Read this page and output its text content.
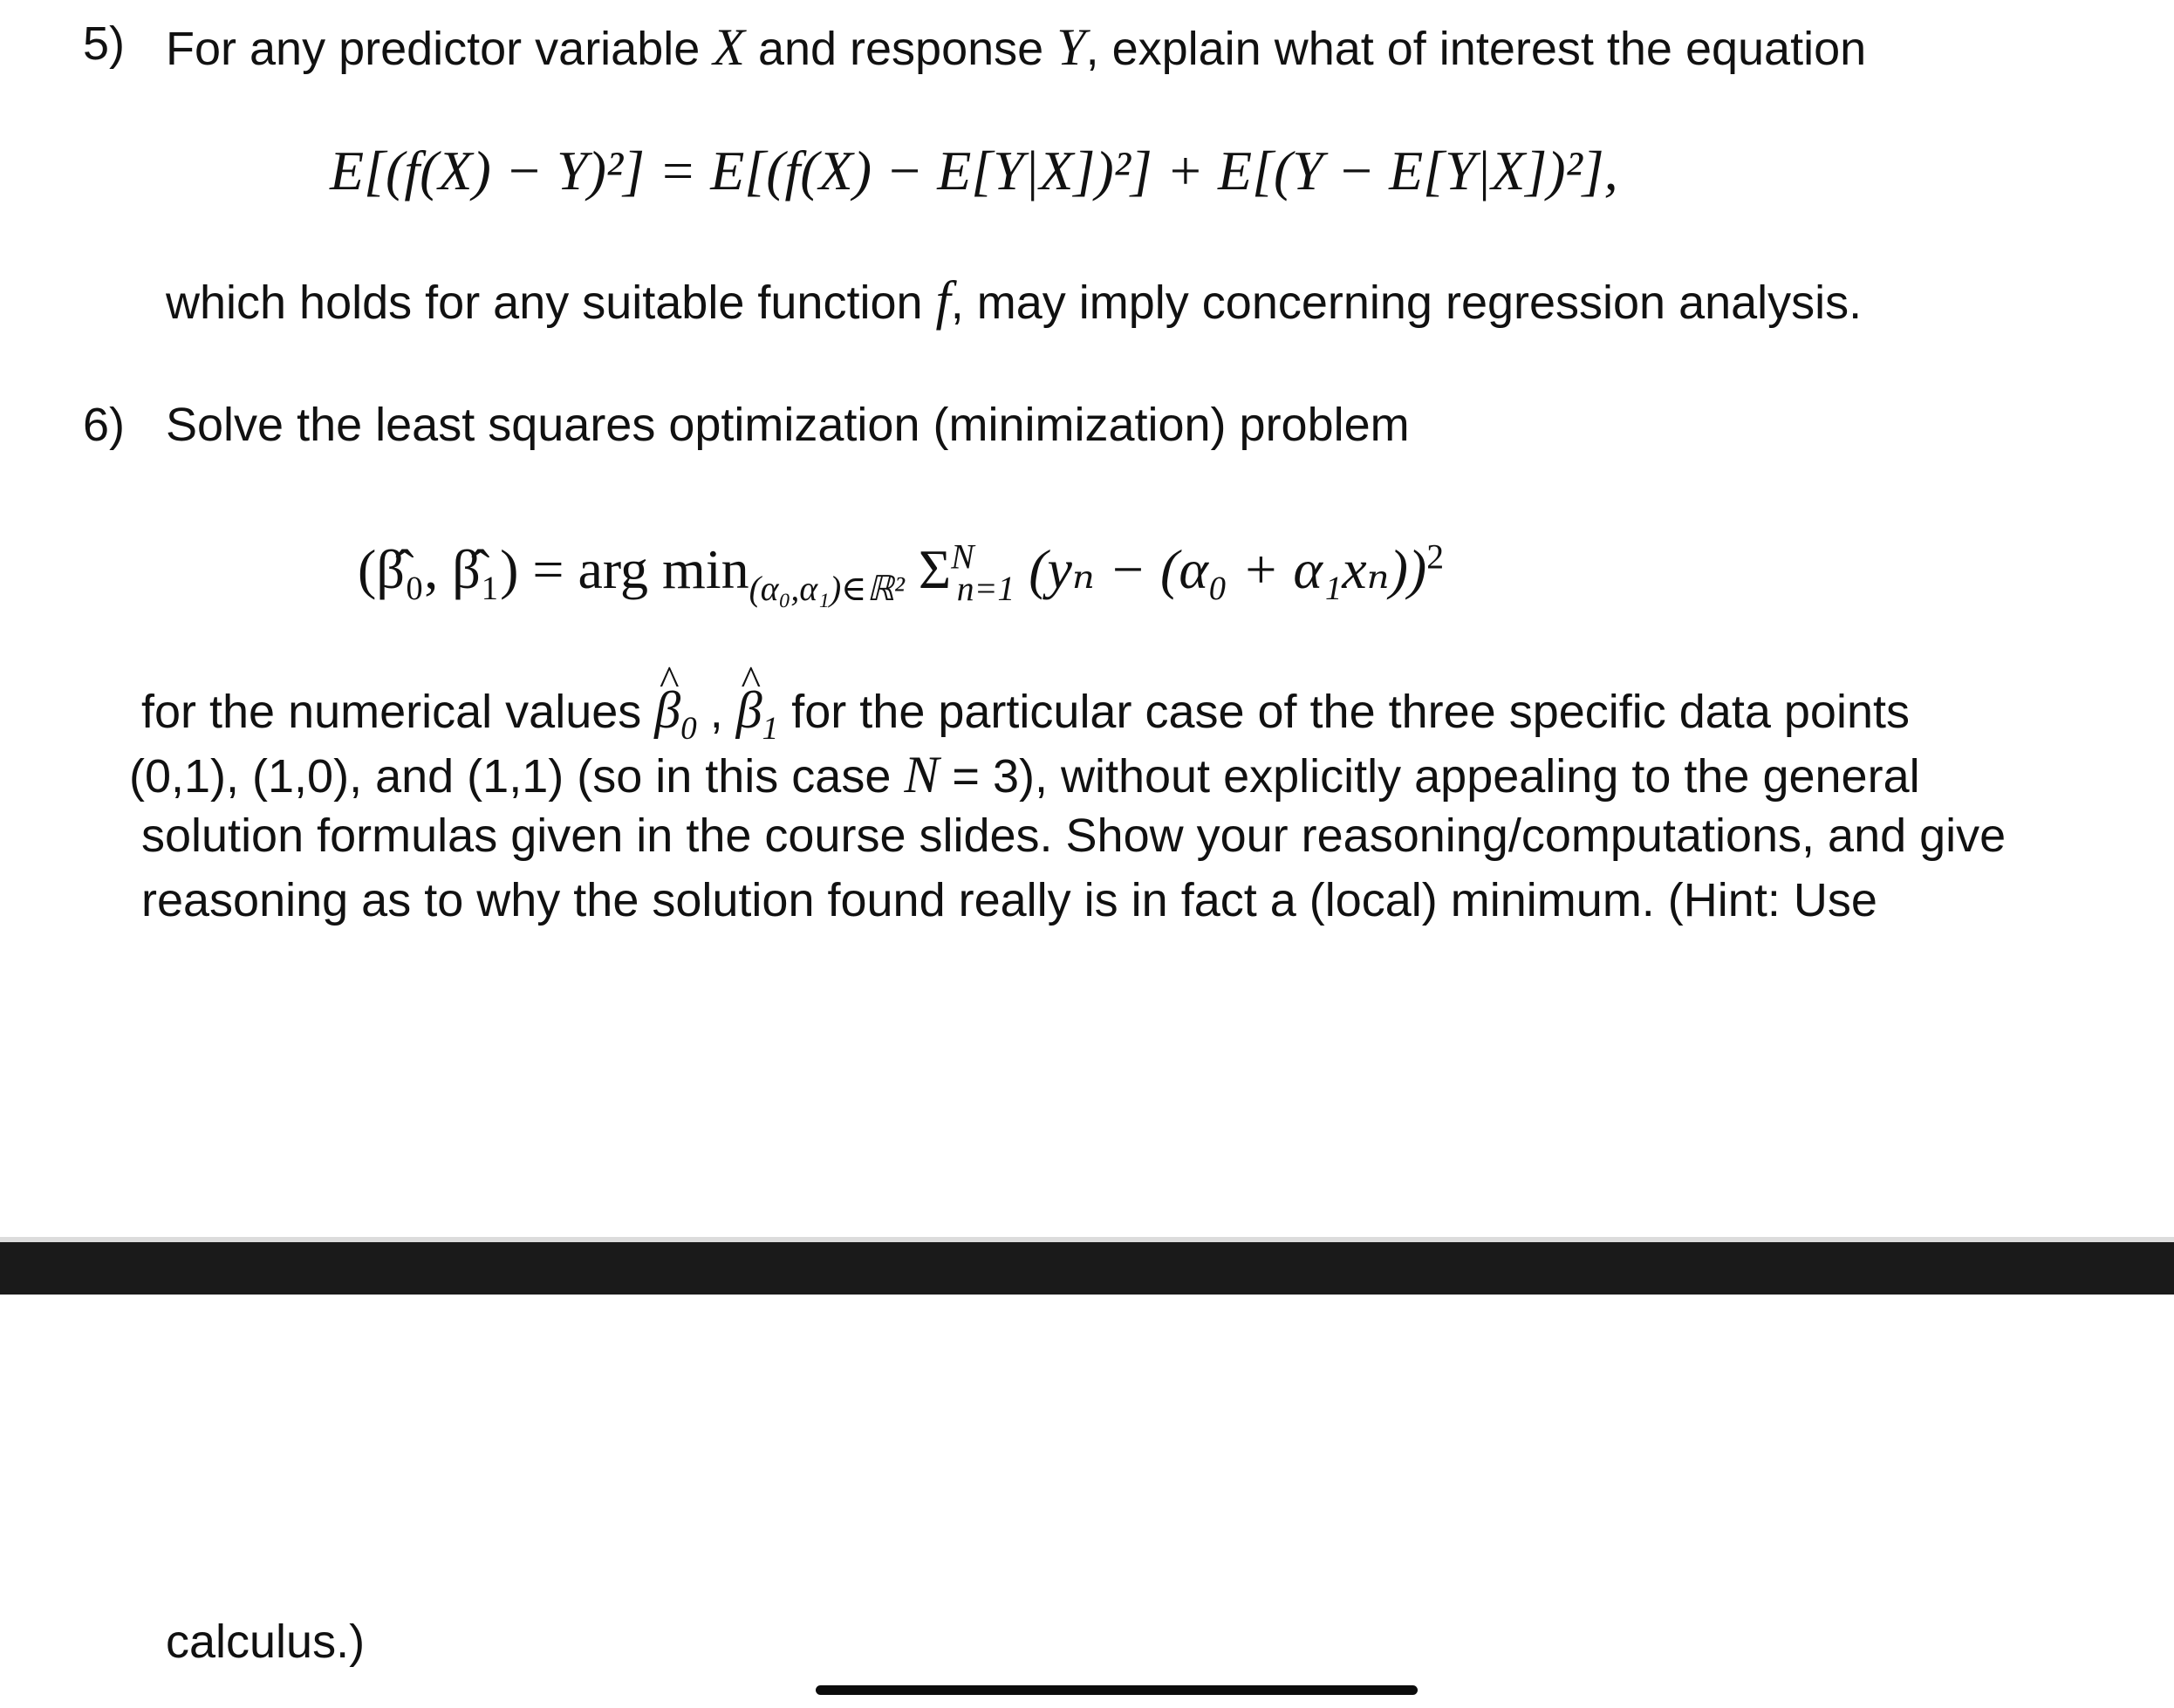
5) For any predictor variable X and response Y, explain what of interest the equation
E[(f(X) − Y)²] = E[(f(X) − E[Y|X])²] + E[(Y − E[Y|X])²],
which holds for any suitable function f, may imply concerning regression analysis.
6) Solve the least squares optimization (minimization) problem
(β̂₀, β̂₁) = arg $\min_{(\alpha_0,\alpha_1)\in ℝ^2} \Sigma^N_{n=1}$ $(y_n - (\alpha_0 + \alpha_1x_n))^2$
for the numerical values ^ $\beta_0$ , ^ $\beta_1$ for the particular case of the three specific data points
(0,1), (1,0), and (1,1) (so in this case N = 3), without explicitly appealing to the general
solution formulas given in the course slides. Show your reasoning/computations, and give
reasoning as to why the solution found really is in fact a (local) minimum. (Hint: Use
calculus.)
